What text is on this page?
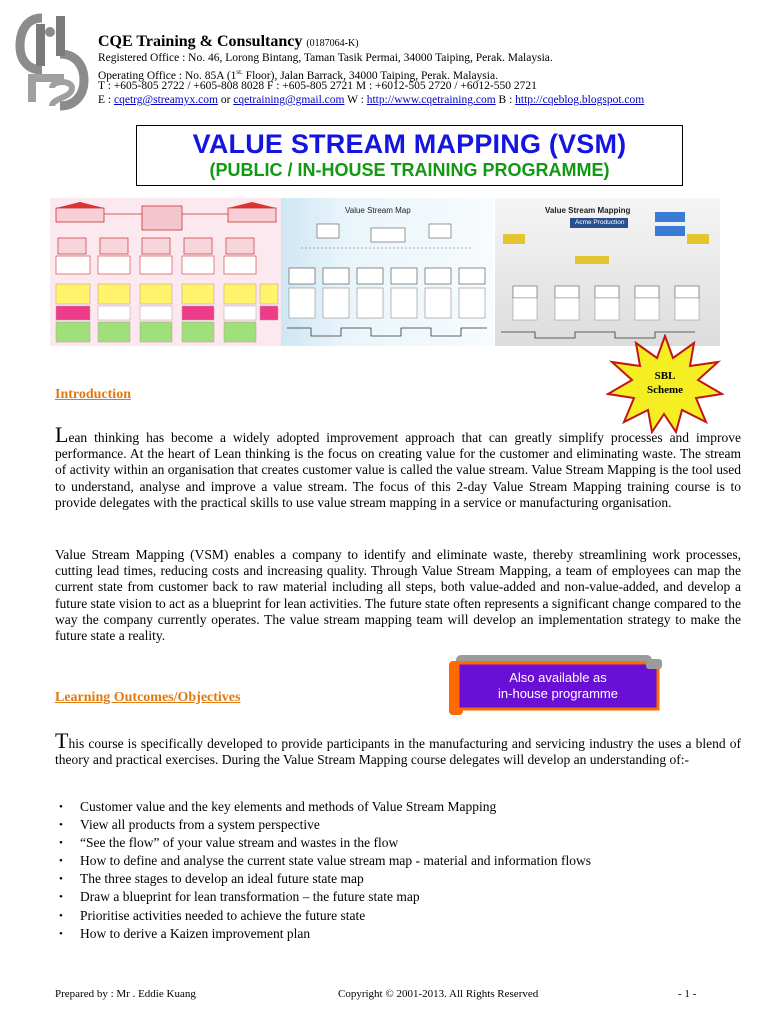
CQE Training & Consultancy (0187064-K)
Registered Office : No. 46, Lorong Bintang, Taman Tasik Permai, 34000 Taiping, Perak. Malaysia.
Operating Office : No. 85A ($1^{st.}$ Floor), Jalan Barrack, 34000 Taiping, Perak. Malaysia.
T : +605-805 2722 / +605-808 8028 F : +605-805 2721 M : +6012-505 2720 / +6012-550 2721
E : cqetrg@streamyx.com or cqetraining@gmail.com W : http://www.cqetraining.com B : http://cqeblog.blogspot.com
VALUE STREAM MAPPING (VSM)
(PUBLIC / IN-HOUSE TRAINING PROGRAMME)
Value Stream Map	Value Stream Mapping
Acme Production
SBL
Scheme
Introduction
Lean thinking has become a widely adopted improvement approach that can greatly simplify processes and improve performance. At the heart of Lean thinking is the focus on creating value for the customer and eliminating waste. The stream of activity within an organisation that creates customer value is called the value stream. Value Stream Mapping is the tool used to understand, analyse and improve a value stream. The focus of this 2-day Value Stream Mapping training course is to provide delegates with the practical skills to use value stream mapping in a service or manufacturing organisation.
Value Stream Mapping (VSM) enables a company to identify and eliminate waste, thereby streamlining work processes, cutting lead times, reducing costs and increasing quality. Through Value Stream Mapping, a team of employees can map the current state from customer back to raw material including all steps, both value-added and non-value-added, and develop a future state vision to act as a blueprint for lean activities. The future state often represents a significant change compared to the way the company currently operates. The value stream mapping team will develop an implementation strategy to make the future state a reality.
Also available as
in-house programme
Learning Outcomes/Objectives
This course is specifically developed to provide participants in the manufacturing and servicing industry the uses a blend of theory and practical exercises. During the Value Stream Mapping course delegates will develop an understanding of:-
• Customer value and the key elements and methods of Value Stream Mapping
• View all products from a system perspective
• “See the flow” of your value stream and wastes in the flow
• How to define and analyse the current state value stream map - material and information flows
• The three stages to develop an ideal future state map
• Draw a blueprint for lean transformation – the future state map
• Prioritise activities needed to achieve the future state
• How to derive a Kaizen improvement plan
Prepared by : Mr . Eddie Kuang	Copyright © 2001-2013. All Rights Reserved	- 1 -
